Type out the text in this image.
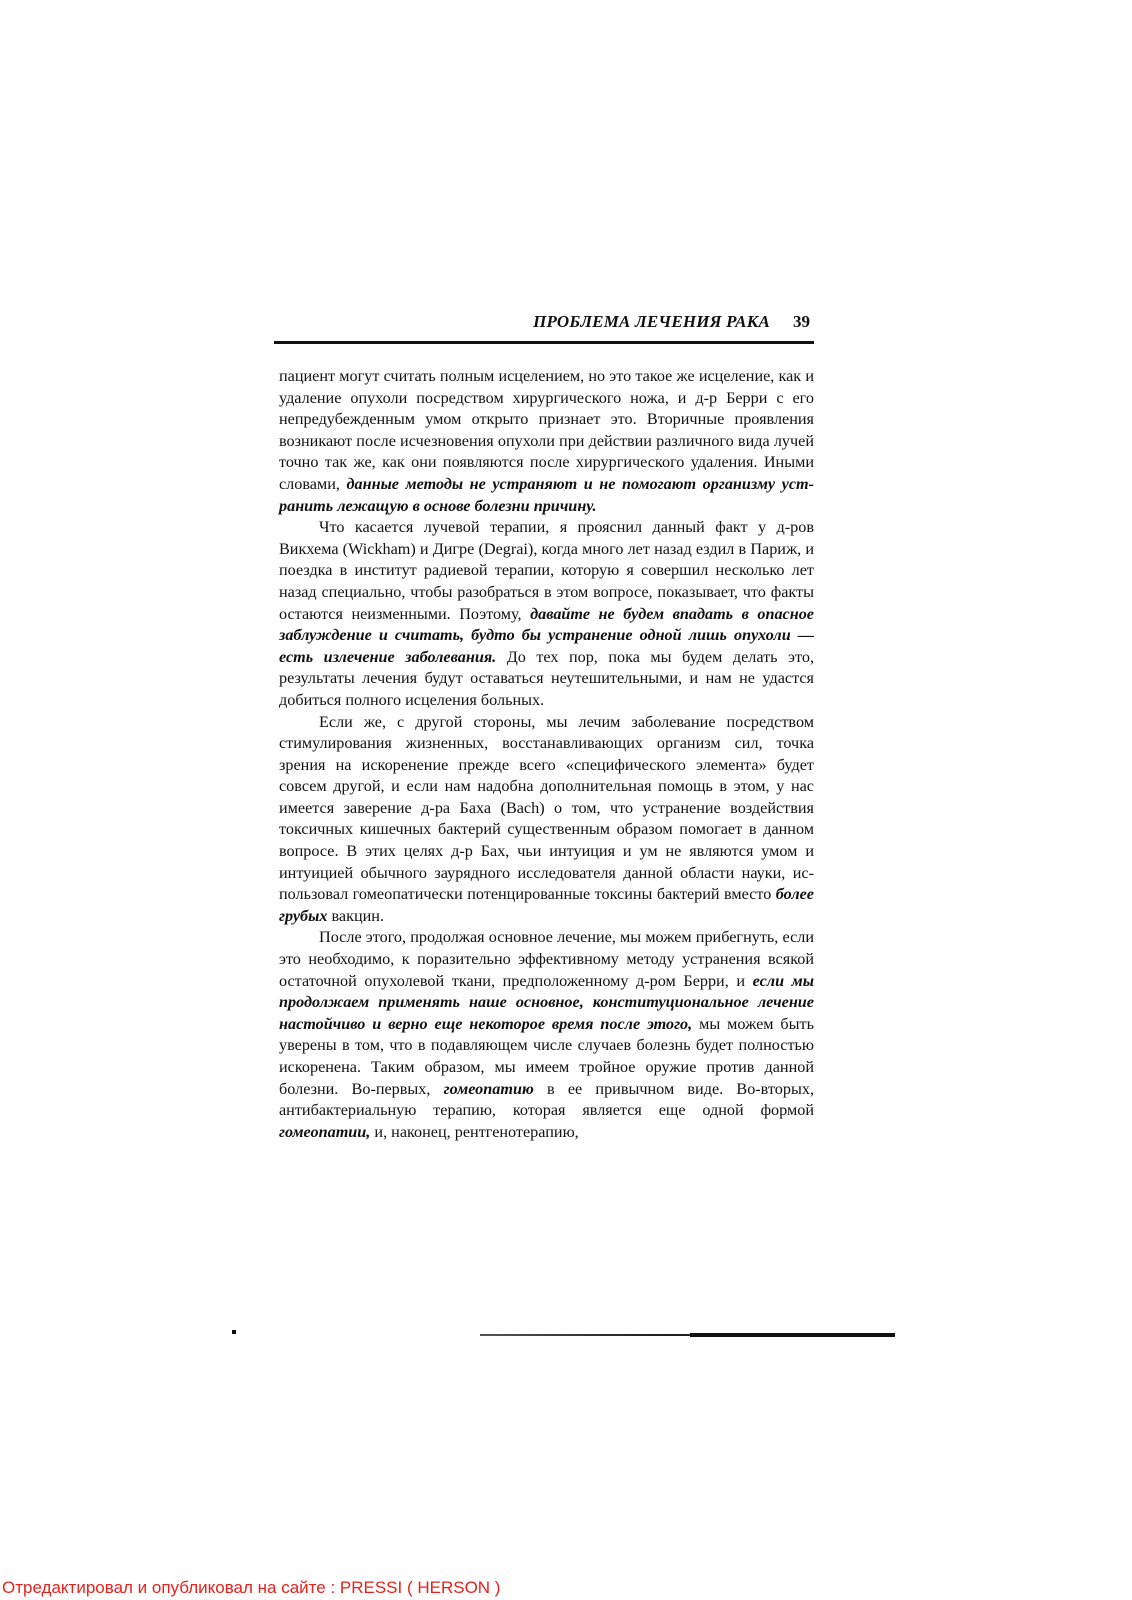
ПРОБЛЕМА ЛЕЧЕНИЯ РАКА 39

пациент могут считать полным исцелением, но это такое же исцеление, как и удаление опухоли посредством хирургического ножа, и д-р Берри с его непредубежденным умом открыто признает это. Вторичные проявления возникают после исчезновения опухоли при действии различного вида лучей точно так же, как они появляются после хирургического удаления. Иными словами, данные методы не устраняют и не помогают организму устранить лежащую в основе болезни причину.

Что касается лучевой терапии, я прояснил данный факт у д-ров Викхема (Wickham) и Дигре (Degrai), когда много лет назад ездил в Париж, и поездка в институт радиевой терапии, которую я совершил несколько лет назад специально, чтобы разобраться в этом вопросе, показывает, что факты остаются неизменными. Поэтому, давайте не будем впадать в опасное заблуждение и считать, будто бы устранение одной лишь опухоли — есть излечение заболевания. До тех пор, пока мы будем делать это, результаты лечения будут оставаться неутешительными, и нам не удастся добиться полного исцеления больных.

Если же, с другой стороны, мы лечим заболевание посредством стимулирования жизненных, восстанавливающих организм сил, точка зрения на искоренение прежде всего «специфического элемента» будет совсем другой, и если нам надобна дополнительная помощь в этом, у нас имеется заверение д-ра Баха (Bach) о том, что устранение воздействия токсичных кишечных бактерий существенным образом помогает в данном вопросе. В этих целях д-р Бах, чьи интуиция и ум не являются умом и интуицией обычного заурядного исследователя данной области науки, использовал гомеопатически потенцированные токсины бактерий вместо более грубых вакцин.

После этого, продолжая основное лечение, мы можем прибегнуть, если это необходимо, к поразительно эффективному методу устранения всякой остаточной опухолевой ткани, предположенному д-ром Берри, и если мы продолжаем применять наше основное, конституциональное лечение настойчиво и верно еще некоторое время после этого, мы можем быть уверены в том, что в подавляющем числе случаев болезнь будет полностью искоренена. Таким образом, мы имеем тройное оружие против данной болезни. Во-первых, гомеопатию в ее привычном виде. Во-вторых, антибактериальную терапию, которая является еще одной формой гомеопатии, и, наконец, рентгенотерапию,

Отредактировал и опубликовал на сайте : PRESSI ( HERSON )
